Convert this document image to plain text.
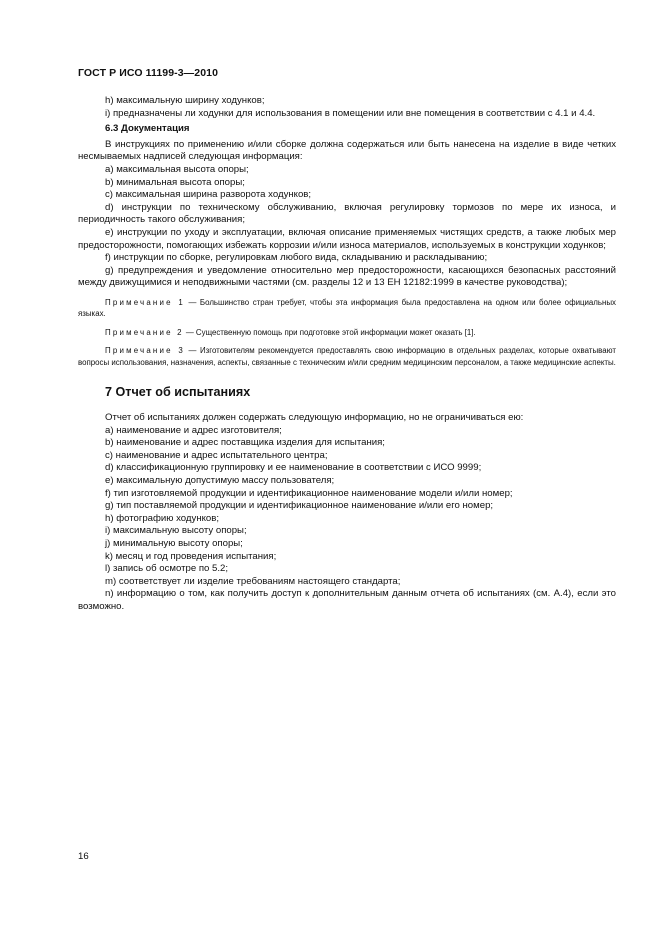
ГОСТ Р ИСО 11199-3—2010

h) максимальную ширину ходунков;

i) предназначены ли ходунки для использования в помещении или вне помещения в соответствии с 4.1 и 4.4.

6.3 Документация

В инструкциях по применению и/или сборке должна содержаться или быть нанесена на изделие в виде четких несмываемых надписей следующая информация:

a) максимальная высота опоры;

b) минимальная высота опоры;

c) максимальная ширина разворота ходунков;

d) инструкции по техническому обслуживанию, включая регулировку тормозов по мере их износа, и периодичность такого обслуживания;

e) инструкции по уходу и эксплуатации, включая описание применяемых чистящих средств, а также любых мер предосторожности, помогающих избежать коррозии и/или износа материалов, используемых в конструкции ходунков;

f) инструкции по сборке, регулировкам любого вида, складыванию и раскладыванию;

g) предупреждения и уведомление относительно мер предосторожности, касающихся безопасных расстояний между движущимися и неподвижными частями (см. разделы 12 и 13 ЕН 12182:1999 в качестве руководства);

Примечание 1 — Большинство стран требует, чтобы эта информация была предоставлена на одном или более официальных языках.

Примечание 2 — Существенную помощь при подготовке этой информации может оказать [1].

Примечание 3 — Изготовителям рекомендуется предоставлять свою информацию в отдельных разделах, которые охватывают вопросы использования, назначения, аспекты, связанные с техническим и/или средним медицинским персоналом, а также медицинские аспекты.

7 Отчет об испытаниях

Отчет об испытаниях должен содержать следующую информацию, но не ограничиваться ею:

a) наименование и адрес изготовителя;

b) наименование и адрес поставщика изделия для испытания;

c) наименование и адрес испытательного центра;

d) классификационную группировку и ее наименование в соответствии с ИСО 9999;

e) максимальную допустимую массу пользователя;

f) тип изготовляемой продукции и идентификационное наименование модели и/или номер;

g) тип поставляемой продукции и идентификационное наименование и/или его номер;

h) фотографию ходунков;

i) максимальную высоту опоры;

j) минимальную высоту опоры;

k) месяц и год проведения испытания;

l) запись об осмотре по 5.2;

m) соответствует ли изделие требованиям настоящего стандарта;

n) информацию о том, как получить доступ к дополнительным данным отчета об испытаниях (см. А.4), если это возможно.

16
